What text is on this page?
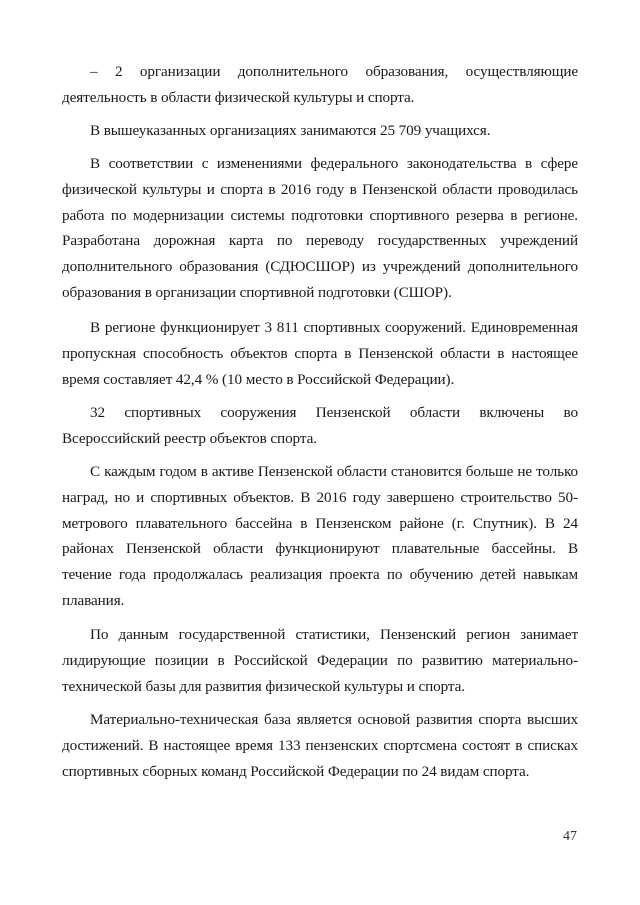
– 2 организации дополнительного образования, осуществляющие деятельность в области физической культуры и спорта.

В вышеуказанных организациях занимаются 25 709 учащихся.

В соответствии с изменениями федерального законодательства в сфере физической культуры и спорта в 2016 году в Пензенской области проводилась работа по модернизации системы подготовки спортивного резерва в регионе. Разработана дорожная карта по переводу государственных учреждений дополнительного образования (СДЮСШОР) из учреждений дополнительного образования в организации спортивной подготовки (СШОР).

В регионе функционирует 3 811 спортивных сооружений. Единовременная пропускная способность объектов спорта в Пензенской области в настоящее время составляет 42,4 % (10 место в Российской Федерации).

32 спортивных сооружения Пензенской области включены во Всероссийский реестр объектов спорта.

С каждым годом в активе Пензенской области становится больше не только наград, но и спортивных объектов. В 2016 году завершено строительство 50-метрового плавательного бассейна в Пензенском районе (г. Спутник). В 24 районах Пензенской области функционируют плавательные бассейны. В течение года продолжалась реализация проекта по обучению детей навыкам плавания.

По данным государственной статистики, Пензенский регион занимает лидирующие позиции в Российской Федерации по развитию материально-технической базы для развития физической культуры и спорта.

Материально-техническая база является основой развития спорта высших достижений. В настоящее время 133 пензенских спортсмена состоят в списках спортивных сборных команд Российской Федерации по 24 видам спорта.

47
